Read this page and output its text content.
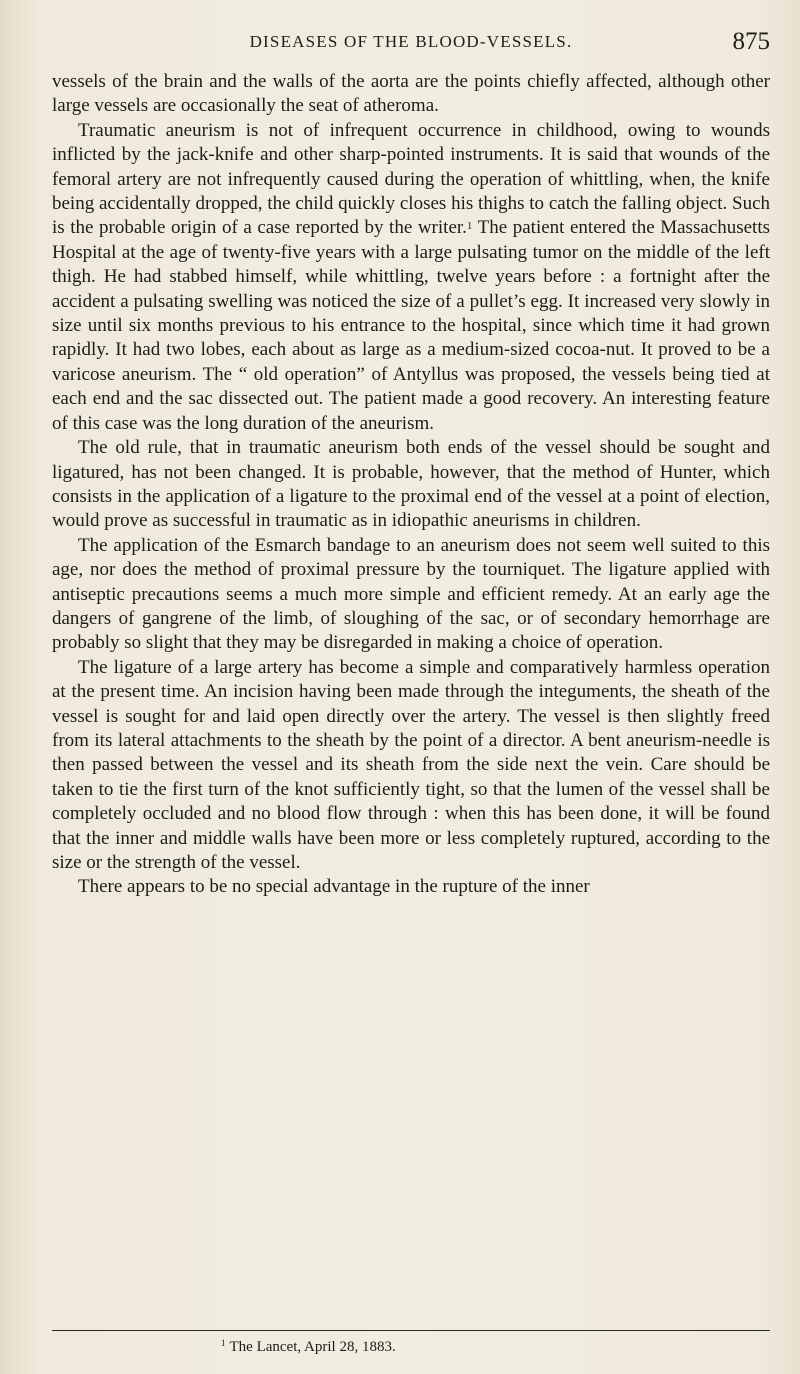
DISEASES OF THE BLOOD-VESSELS.	875

vessels of the brain and the walls of the aorta are the points chiefly affected, although other large vessels are occasionally the seat of atheroma.

Traumatic aneurism is not of infrequent occurrence in childhood, owing to wounds inflicted by the jack-knife and other sharp-pointed instruments. It is said that wounds of the femoral artery are not infrequently caused during the operation of whittling, when, the knife being accidentally dropped, the child quickly closes his thighs to catch the falling object. Such is the probable origin of a case reported by the writer.$^1$ The patient entered the Massachusetts Hospital at the age of twenty-five years with a large pulsating tumor on the middle of the left thigh. He had stabbed himself, while whittling, twelve years before : a fortnight after the accident a pulsating swelling was noticed the size of a pullet’s egg. It increased very slowly in size until six months previous to his entrance to the hospital, since which time it had grown rapidly. It had two lobes, each about as large as a medium-sized cocoa-nut. It proved to be a varicose aneurism. The “ old operation” of Antyllus was proposed, the vessels being tied at each end and the sac dissected out. The patient made a good recovery. An interesting feature of this case was the long duration of the aneurism.

The old rule, that in traumatic aneurism both ends of the vessel should be sought and ligatured, has not been changed. It is probable, however, that the method of Hunter, which consists in the application of a ligature to the proximal end of the vessel at a point of election, would prove as successful in traumatic as in idiopathic aneurisms in children.

The application of the Esmarch bandage to an aneurism does not seem well suited to this age, nor does the method of proximal pressure by the tourniquet. The ligature applied with antiseptic precautions seems a much more simple and efficient remedy. At an early age the dangers of gangrene of the limb, of sloughing of the sac, or of secondary hemorrhage are probably so slight that they may be disregarded in making a choice of operation.

The ligature of a large artery has become a simple and comparatively harmless operation at the present time. An incision having been made through the integuments, the sheath of the vessel is sought for and laid open directly over the artery. The vessel is then slightly freed from its lateral attachments to the sheath by the point of a director. A bent aneurism-needle is then passed between the vessel and its sheath from the side next the vein. Care should be taken to tie the first turn of the knot sufficiently tight, so that the lumen of the vessel shall be completely occluded and no blood flow through : when this has been done, it will be found that the inner and middle walls have been more or less completely ruptured, according to the size or the strength of the vessel.

There appears to be no special advantage in the rupture of the inner

$^1$ The Lancet, April 28, 1883.
